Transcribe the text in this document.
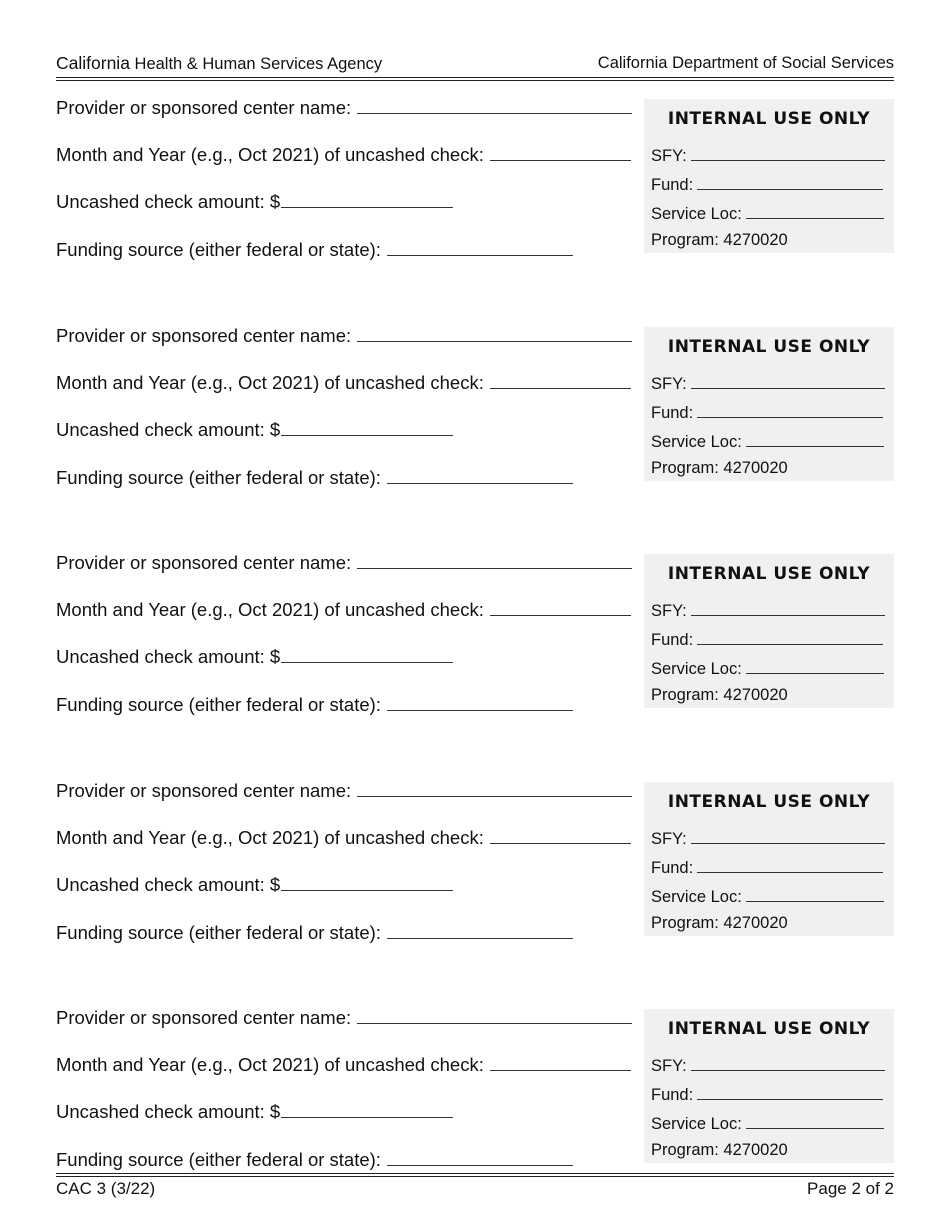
California Health & Human Services Agency	California Department of Social Services
Provider or sponsored center name:
Month and Year (e.g., Oct 2021) of uncashed check:
Uncashed check amount: $
Funding source (either federal or state):
INTERNAL USE ONLY
SFY:
Fund:
Service Loc:
Program: 4270020
Provider or sponsored center name:
Month and Year (e.g., Oct 2021) of uncashed check:
Uncashed check amount: $
Funding source (either federal or state):
INTERNAL USE ONLY
SFY:
Fund:
Service Loc:
Program: 4270020
Provider or sponsored center name:
Month and Year (e.g., Oct 2021) of uncashed check:
Uncashed check amount: $
Funding source (either federal or state):
INTERNAL USE ONLY
SFY:
Fund:
Service Loc:
Program: 4270020
Provider or sponsored center name:
Month and Year (e.g., Oct 2021) of uncashed check:
Uncashed check amount: $
Funding source (either federal or state):
INTERNAL USE ONLY
SFY:
Fund:
Service Loc:
Program: 4270020
Provider or sponsored center name:
Month and Year (e.g., Oct 2021) of uncashed check:
Uncashed check amount: $
Funding source (either federal or state):
INTERNAL USE ONLY
SFY:
Fund:
Service Loc:
Program: 4270020
CAC 3 (3/22)	Page 2 of 2
